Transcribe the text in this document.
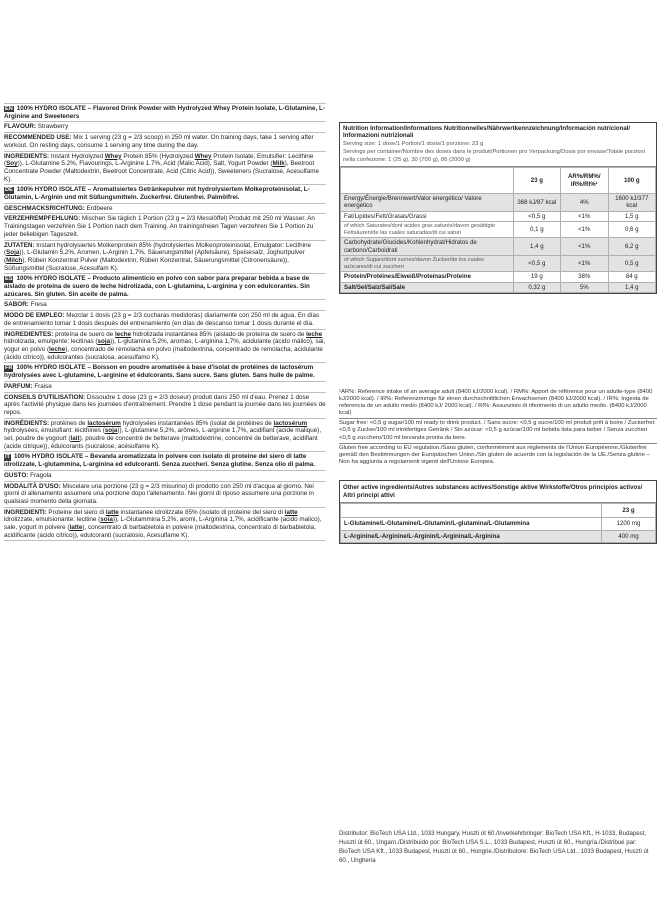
EN 100% HYDRO ISOLATE – Flavored Drink Powder with Hydrolyzed Whey Protein Isolate, L-Glutamine, L-Arginine and Sweeteners
FLAVOUR: Strawberry
RECOMMENDED USE: Mix 1 serving (23 g = 2/3 scoop) in 250 ml water. On training days, take 1 serving after workout. On resting days, consume 1 serving any time during the day.
INGREDIENTS: Instant Hydrolyzed Whey Protein 85% (Hydrolyzed Whey Protein Isolate, Emulsifier: Lecithine (Soy)), L-Glutamine 5.2%, Flavourings, L-Arginine 1.7%, Acid (Malic Acid), Salt, Yogurt Powder (Milk), Beetroot Concentrate Powder (Maltodextrin, Beetroot Concentrate, Acid (Citric Acid)), Sweeteners (Sucralose, Acesulfame K).
DE 100% HYDRO ISOLATE – Aromatisiertes Getränkepulver mit hydrolysiertem Molkeproteinisolat, L-Glutamin, L-Arginin und mit Süßungsmitteln. Zuckerfrei. Glutenfrei. Palmölfrei.
GESCHMACKSRICHTUNG: Erdbeere
VERZEHREMPFEHLUNG: Mischen Sie täglich 1 Portion (23 g = 2/3 Messlöffel) Produkt mit 250 ml Wasser. An Trainingstagen verzehren Sie 1 Portion nach dem Training. An trainingsfreien Tagen verzehren Sie 1 Portion zu jeder beliebigen Tageszeit.
ZUTATEN: Instant hydrolysiertes Molkenprotein 85% (hydrolysiertes Molkenproteinisolat, Emulgator: Lecithine (Soja)), L-Glutamin 5,2%, Aromen, L-Arginin 1,7%, Säuerungsmittel (Apfelsäure), Speisesalz, Joghurtpulver (Milch), Rüben Konzentrat Pulver (Maltodextrin, Rüben Konzentrat, Säuerungsmittel (Citronensäure)), Süßungsmittel (Sucralose, Acesulfam K).
ES 100% HYDRO ISOLATE – Producto alimenticio en polvo con sabor para preparar bebida a base de aislado de proteína de suero de leche hidrolizada, con L-glutamina, L-arginina y con edulcorantes. Sin azúcares. Sin gluten. Sin aceite de palma.
SABOR: Fresa
MODO DE EMPLEO: Mezclar 1 dosis (23 g = 2/3 cucharas medidoras) diariamente con 250 ml de agua. En días de entrenamiento tomar 1 dosis después del entrenamiento (en días de descanso tomar 1 dosis durante el día.
INGREDIENTES: proteína de suero de leche hidrolizada instantánea 85% (aislado de proteína de suero de leche hidrolizada, emulgente: lecitinas (soja)), L-glutamina 5,2%, aromas, L-arginina 1,7%, acidulante (ácido málico), sal, yogur en polvo (leche), concentrado de remolacha en polvo (maltodextrina, concentrado de remolacha, acidulante (ácido cítrico)), edulcorantes (sucralosa, acesulfamo K).
FR 100% HYDRO ISOLATE – Boisson en poudre aromatisée à base d'isolat de protéines de lactosérum hydrolysées avec L-glutamine, L-arginine et édulcorants. Sans sucre. Sans gluten. Sans huile de palme.
PARFUM: Fraise
CONSEILS D'UTILISATION: Dissoudre 1 dose (23 g = 2/3 doseur) produit dans 250 ml d'eau. Prenez 1 dose après l'activité physique dans les journées d'entraînement. Prendre 1 dose pendant la journée dans les journées de repos.
INGRÉDIENTS: protéines de lactosérum hydrolysées instantanées 85% (isolat de protéines de lactosérum hydrolysées, émulsifiant: lécithines (soja)), L-glutamine 5,2%, arômes, L-arginine 1,7%, acidifiant (acide malique), sel, poudre de yogourt (lait), poudre de concentré de betterave (maltodextrine, concentré de betterave, acidifiant (acide citrique)), édulcorants (sucralose, acésulfame K).
IT 100% HYDRO ISOLATE – Bevanda aromatizzata in polvere con isolato di proteine del siero di latte idrolizzate, L-glutammina, L-arginina ed edulcoranti. Senza zuccheri. Senza glutine. Senza olio di palma.
GUSTO: Fragola
MODALITÀ D'USO: Miscelare una porzione (23 g = 2/3 misurino) di prodotto con 250 ml d'acqua al giorno. Nei giorni di allenamento assumere una porzione dopo l'allenamento. Nei giorni di riposo assumere una porzione in qualsiasi momento della giornata.
INGREDIENTI: Proteine del siero di latte instantanee idrolizzate 85% (isolato di proteine del siero di latte idrolizzate, emulsionante: lecitine (soia)), L-Glutammina 5,2%, aromi, L-Arginina 1,7%, acidificante (acido malico), sale, yogurt in polvere (latte), concentrato di barbabietola in polvere (maltodestrina, concentrato di barbabietola, acidificante (acido citrico)), edulcoranti (sucralosio, Acesulfame K).
Nutrition Information/Informations Nutritionnelles/Nährwertkennzeichnung/Información nutricional/ Informazioni nutrizionali
Serving size: 1 dose/1 Portion/1 dosis/1 porzione: 23 g
Servings per container/Nombre des doses dans le produit/Portionen pro Verpackung/Dosis por envase/Totale porzioni nella confezione: 1 (25 g), 30 (700 g), 86 (2000 g)
	23 g	AR%/RM%/ IR%/RI%¹	100 g
Energy/Énergie/Brennwert/Valor energético/ Valore energetico	368 kJ/87 kcal	4%	1600 kJ/377 kcal
Fat/Lipides/Fett/Grasas/Grassi	<0,5 g	<1%	1,5 g
of which Saturates/dont acides gras saturés/davon gesättigte Fettsäuren/de las cuales saturadas/di cui saturi	0,1 g	<1%	0,6 g
Carbohydrate/Glucides/Kohlenhydrat/Hidratos de carbono/Carboidrati	1,4 g	<1%	6,2 g
of which Sugars/dont sucres/davon Zucker/de los cuales azúcares/di cui zuccheri	<0,5 g	<1%	0,5 g
Protein/Protéines/Eiweiß/Proteínas/Proteine	19 g	38%	84 g
Salt/Sel/Salz/Sal/Sale	0,32 g	5%	1,4 g
¹AR%: Reference intake of an average adult (8400 kJ/2000 kcal). / RM%: Apport de référence pour un adulte-type (8400 kJ/2000 kcal). / IR%: Referenzmenge für einen durchschnittlichen Erwachsenen (8400 kJ/2000 kcal). / IR%: Ingesta de referencia de un adulto medio (8400 kJ/ 2000 kcal). / RI%: Assunzioni di riferimento di un adulto medio. (8400 kJ/2000 kcal)
Sugar free: <0,5 g sugar/100 ml ready to drink product. / Sans sucre: <0,5 g sucre/100 ml produit prêt à boire / Zuckerfrei: <0,5 g Zucker/100 ml trinkfertiges Getränk / Sin azúcar: <0,5 g azúcar/100 ml bebida lista para beber / Senza zuccheri <0,5 g zucchero/100 ml bevanda pronta da bere.
Gluten free according to EU regulation./Sans gluten, conformément aux règlements de l'Union Européenne./Glutenfrei gemäß den Bestimmungen der Europäischen Union./Sin gluten de acuerdo con la legislación de la UE./Senza glutine – Non ha aggiunta a regolamenti vigenti dell'Unione Europea.
Other active ingredients/Autres substances actives/Sonstige aktive Wirkstoffe/Otros principios activos/ Altri principi attivi
	23 g
L-Glutamine/L-Glutamine/L-Glutamin/L-glutamina/L-Glutammina	1200 mg
L-Arginine/L-Arginine/L-Arginin/L-Arginina/L-Arginina	400 mg
Distributor: BioTech USA Ltd., 1033 Hungary, Huszti út 60./Inverkehrbringer: BioTech USA Kft., H-1033, Budapest, Huszti út 60., Ungarn./Distribuido por: BioTech USA S.L., 1033 Budapest, Huszti út 60., Hungría./Distribué par: BioTech USA Kft., 1033 Budapest, Huszti út 60., Hongrie./Distributore: BioTech USA Ltd., 1033 Budapest, Huszti út 60., Ungheria
